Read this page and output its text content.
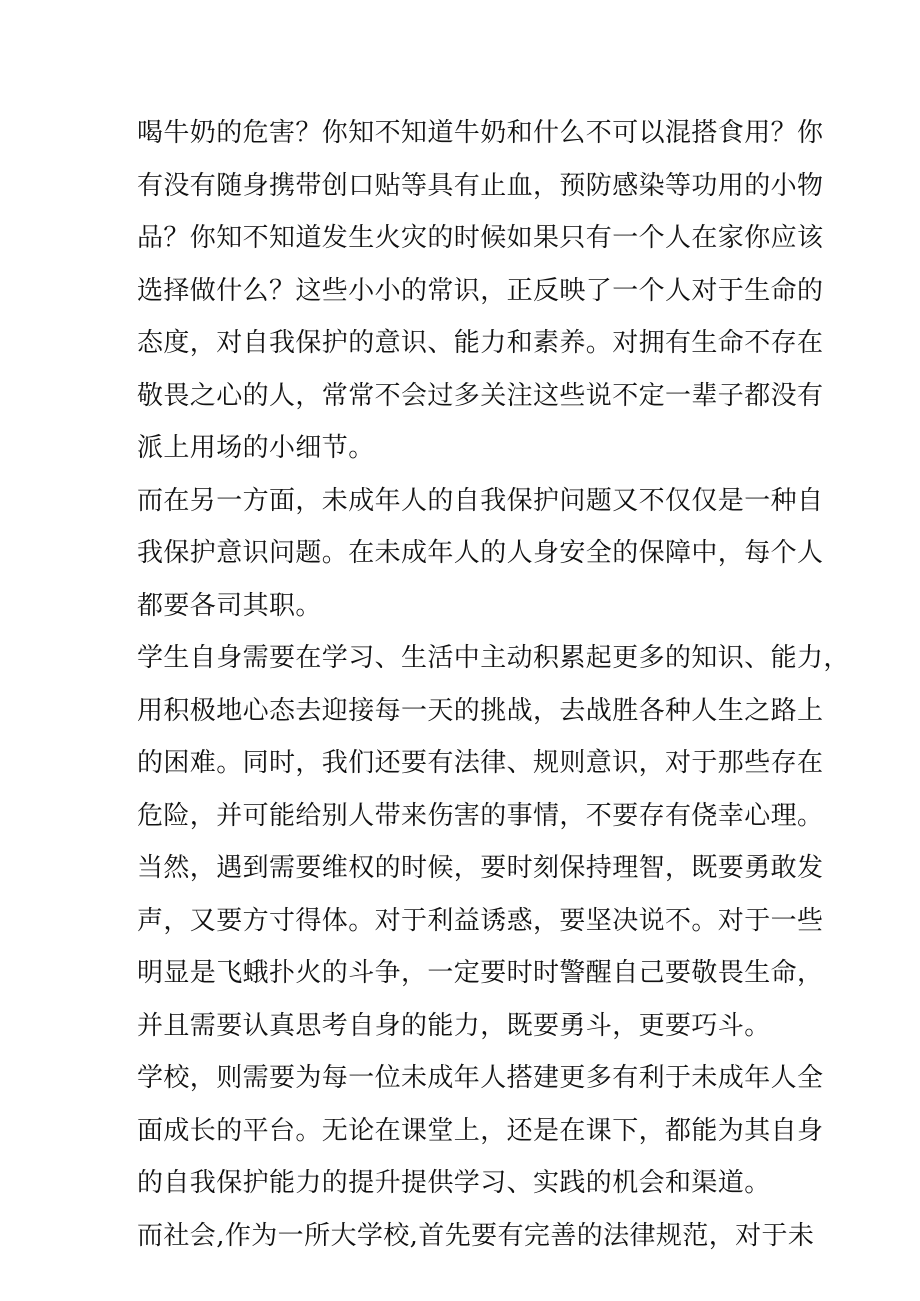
喝牛奶的危害？你知不知道牛奶和什么不可以混搭食用？你
有没有随身携带创口贴等具有止血，预防感染等功用的小物
品？你知不知道发生火灾的时候如果只有一个人在家你应该
选择做什么？这些小小的常识，正反映了一个人对于生命的
态度，对自我保护的意识、能力和素养。对拥有生命不存在
敬畏之心的人，常常不会过多关注这些说不定一辈子都没有
派上用场的小细节。
而在另一方面，未成年人的自我保护问题又不仅仅是一种自
我保护意识问题。在未成年人的人身安全的保障中，每个人
都要各司其职。
学生自身需要在学习、生活中主动积累起更多的知识、能力，
用积极地心态去迎接每一天的挑战，去战胜各种人生之路上
的困难。同时，我们还要有法律、规则意识，对于那些存在
危险，并可能给别人带来伤害的事情，不要存有侥幸心理。
当然，遇到需要维权的时候，要时刻保持理智，既要勇敢发
声，又要方寸得体。对于利益诱惑，要坚决说不。对于一些
明显是飞蛾扑火的斗争，一定要时时警醒自己要敬畏生命，
并且需要认真思考自身的能力，既要勇斗，更要巧斗。
学校，则需要为每一位未成年人搭建更多有利于未成年人全
面成长的平台。无论在课堂上，还是在课下，都能为其自身
的自我保护能力的提升提供学习、实践的机会和渠道。
而社会,作为一所大学校,首先要有完善的法律规范，对于未
